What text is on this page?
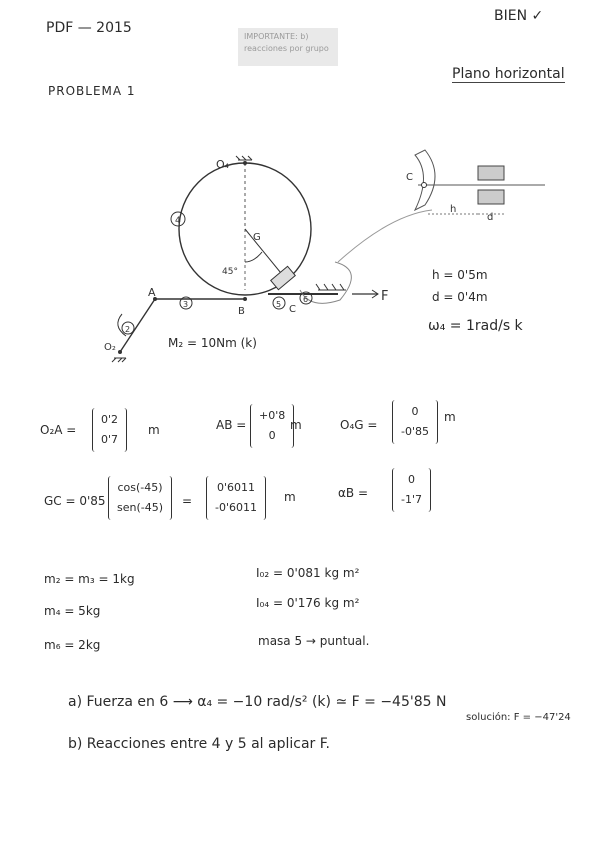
PDF — 2015
IMPORTANTE: b)
reacciones por grupo
BIEN ✓
PROBLEMA 1
Plano horizontal
O₄
G
45°
A
B
O₂
C
F
2
3
4
5
6
h
d
C
h = 0'5m
d = 0'4m
ω₄ = 1rad/s k
M₂ = 10Nm (k)
O₂A =
0'2
0'7
m	AB =
+0'8
0
m	O₄G =
0
-0'85
m
GC = 0'85
cos(-45)
sen(-45) =
0'6011
-0'6011
m	αB =
0
-1'7
m₂ = m₃ = 1kg
m₄ = 5kg
m₆ = 2kg
I₀₂ = 0'081 kg m²
I₀₄ = 0'176 kg m²
masa 5 → puntual.
a) Fuerza en 6 ⟶ α₄ = −10 rad/s² (k) ≃ F = −45'85 N
solución: F = −47'24
b) Reacciones entre 4 y 5 al aplicar F.
